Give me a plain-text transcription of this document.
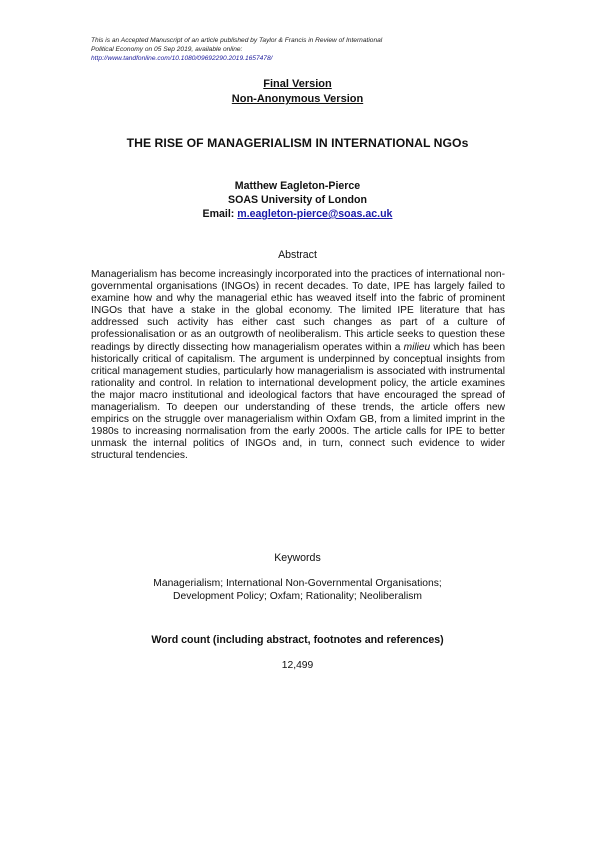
This is an Accepted Manuscript of an article published by Taylor & Francis in Review of International
Political Economy on 05 Sep 2019, available online:
http://www.tandfonline.com/10.1080/09692290.2019.1657478/
Final Version
Non-Anonymous Version
THE RISE OF MANAGERIALISM IN INTERNATIONAL NGOs
Matthew Eagleton-Pierce
SOAS University of London
Email: m.eagleton-pierce@soas.ac.uk
Abstract

Managerialism has become increasingly incorporated into the practices of international non-governmental organisations (INGOs) in recent decades. To date, IPE has largely failed to examine how and why the managerial ethic has weaved itself into the fabric of prominent INGOs that have a stake in the global economy. The limited IPE literature that has addressed such activity has either cast such changes as part of a culture of professionalisation or as an outgrowth of neoliberalism. This article seeks to question these readings by directly dissecting how managerialism operates within a milieu which has been historically critical of capitalism. The argument is underpinned by conceptual insights from critical management studies, particularly how managerialism is associated with instrumental rationality and control. In relation to international development policy, the article examines the major macro institutional and ideological factors that have encouraged the spread of managerialism. To deepen our understanding of these trends, the article offers new empirics on the struggle over managerialism within Oxfam GB, from a limited imprint in the 1980s to increasing normalisation from the early 2000s. The article calls for IPE to better unmask the internal politics of INGOs and, in turn, connect such evidence to wider structural tendencies.

Keywords
Managerialism; International Non-Governmental Organisations;
Development Policy; Oxfam; Rationality; Neoliberalism
Word count (including abstract, footnotes and references)
12,499
